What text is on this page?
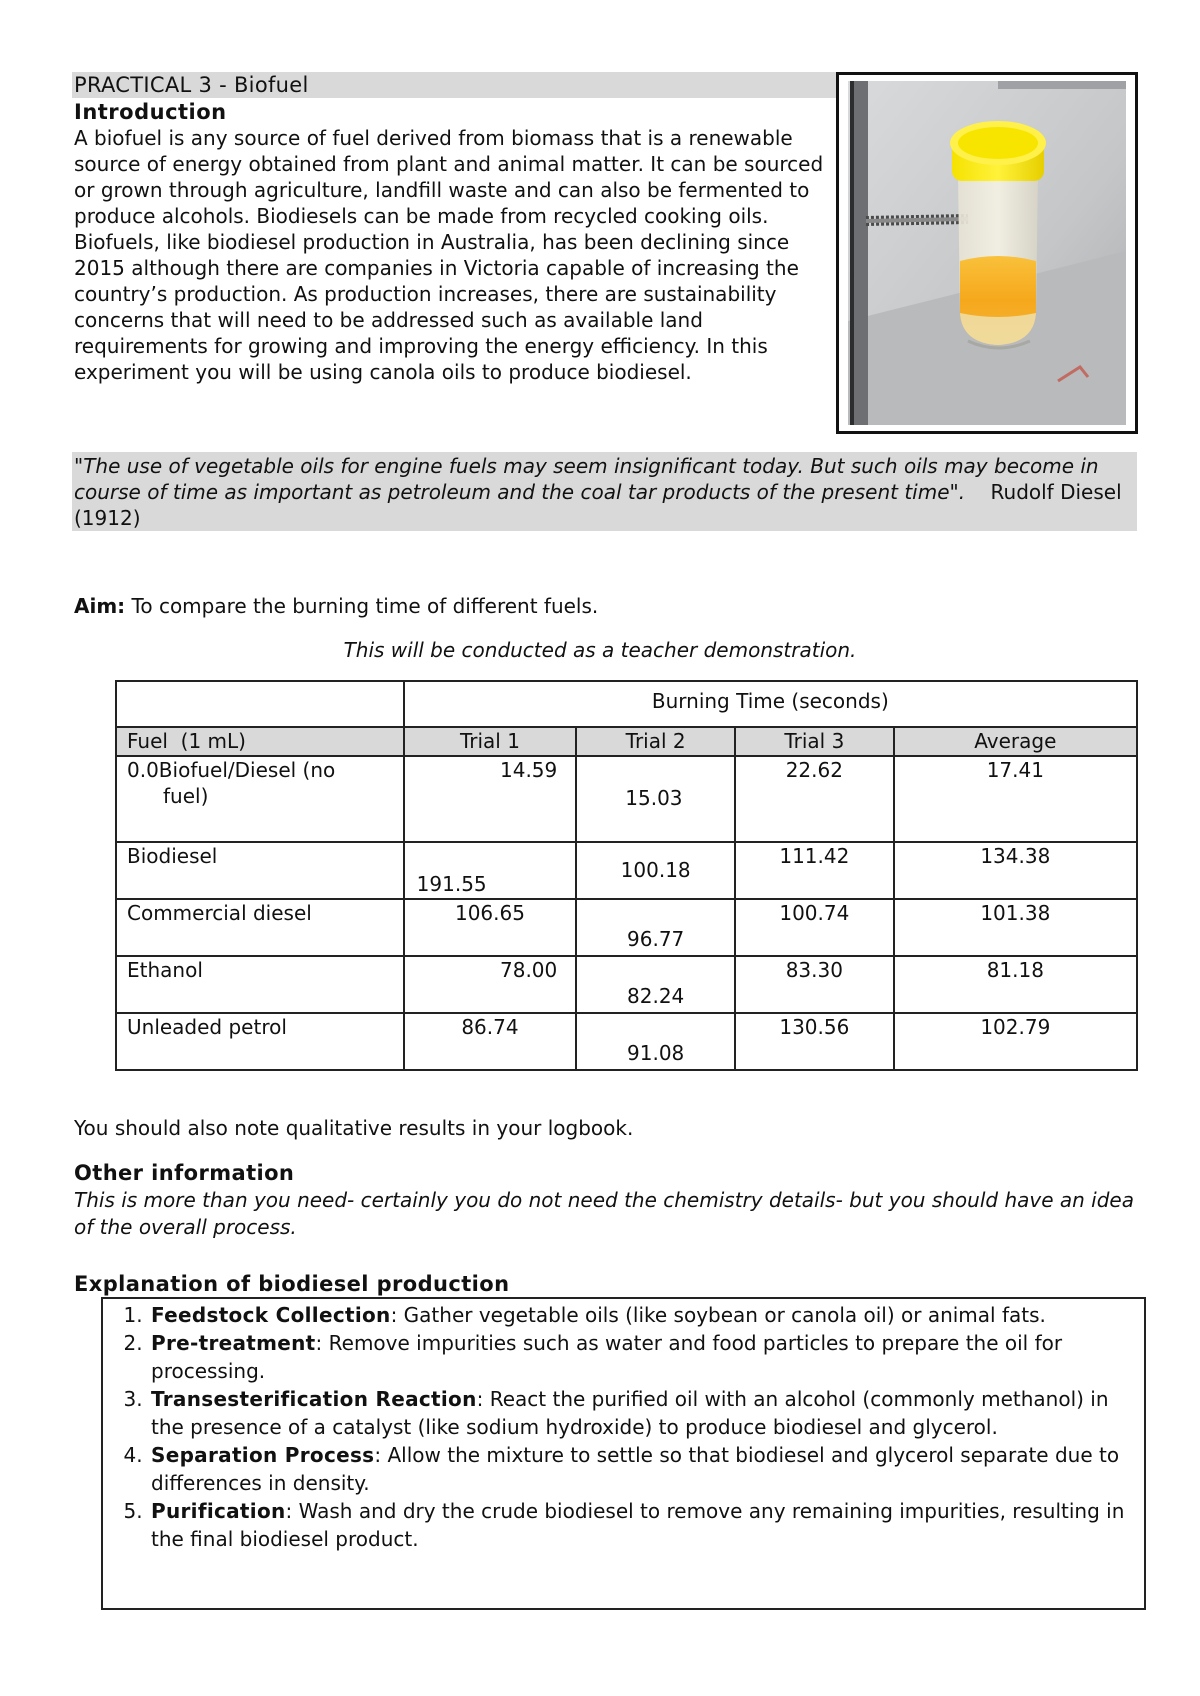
PRACTICAL 3 - Biofuel
Introduction

A biofuel is any source of fuel derived from biomass that is a renewable source of energy obtained from plant and animal matter. It can be sourced or grown through agriculture, landfill waste and can also be fermented to produce alcohols. Biodiesels can be made from recycled cooking oils. Biofuels, like biodiesel production in Australia, has been declining since 2015 although there are companies in Victoria capable of increasing the country’s production. As production increases, there are sustainability concerns that will need to be addressed such as available land requirements for growing and improving the energy efficiency. In this experiment you will be using canola oils to produce biodiesel.

"The use of vegetable oils for engine fuels may seem insignificant today. But such oils may become in course of time as important as petroleum and the coal tar products of the present time". Rudolf Diesel (1912)
Aim: To compare the burning time of different fuels.
This will be conducted as a teacher demonstration.
	Burning Time (seconds)			
Fuel  (1 mL)	Trial 1	Trial 2	Trial 3	Average
0.0Biofuel/Diesel (no fuel)	14.59	15.03	22.62	17.41
Biodiesel	191.55	100.18	111.42	134.38
Commercial diesel	106.65	96.77	100.74	101.38
Ethanol	78.00	82.24	83.30	81.18
Unleaded petrol	86.74	91.08	130.56	102.79
You should also note qualitative results in your logbook.
Other information
This is more than you need- certainly you do not need the chemistry details- but you should have an idea of the overall process.
Explanation of biodiesel production
1. Feedstock Collection: Gather vegetable oils (like soybean or canola oil) or animal fats.
2. Pre-treatment: Remove impurities such as water and food particles to prepare the oil for processing.
3. Transesterification Reaction: React the purified oil with an alcohol (commonly methanol) in the presence of a catalyst (like sodium hydroxide) to produce biodiesel and glycerol.
4. Separation Process: Allow the mixture to settle so that biodiesel and glycerol separate due to differences in density.
5. Purification: Wash and dry the crude biodiesel to remove any remaining impurities, resulting in the final biodiesel product.
